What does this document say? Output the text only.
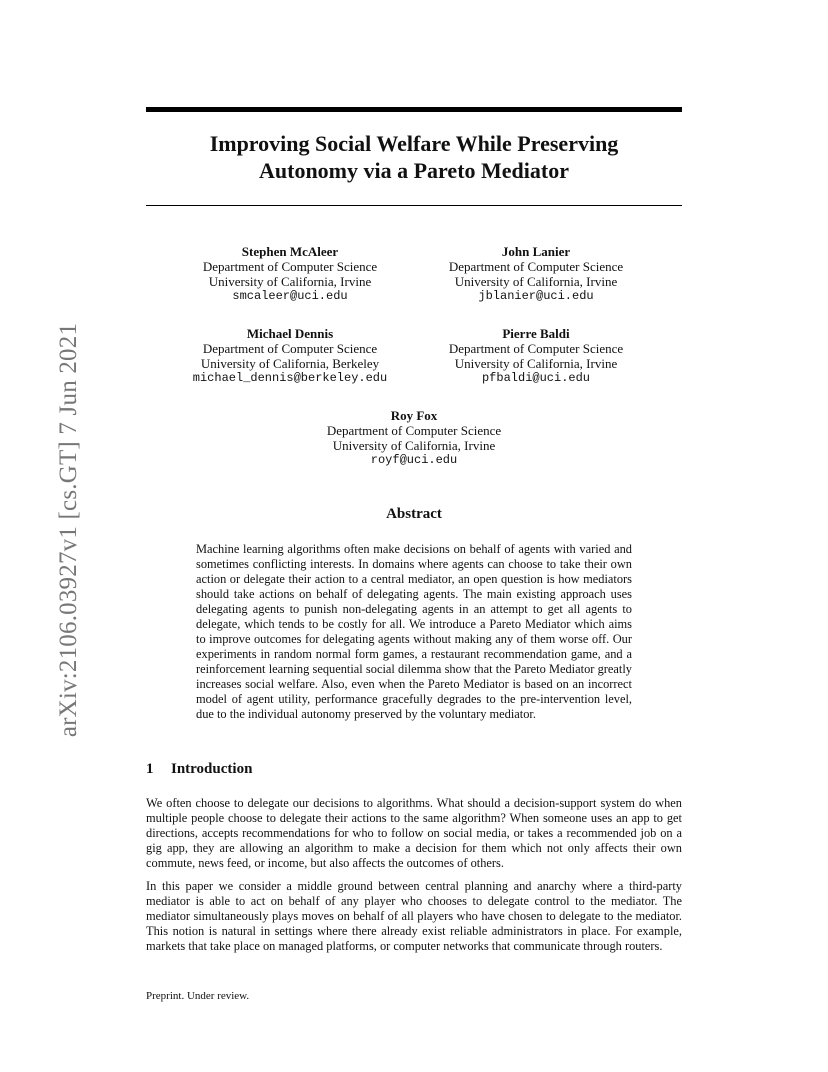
arXiv:2106.03927v1 [cs.GT] 7 Jun 2021
Improving Social Welfare While Preserving
Autonomy via a Pareto Mediator
Stephen McAleer
Department of Computer Science
University of California, Irvine
smcaleer@uci.edu
John Lanier
Department of Computer Science
University of California, Irvine
jblanier@uci.edu
Michael Dennis
Department of Computer Science
University of California, Berkeley
michael_dennis@berkeley.edu
Pierre Baldi
Department of Computer Science
University of California, Irvine
pfbaldi@uci.edu
Roy Fox
Department of Computer Science
University of California, Irvine
royf@uci.edu
Abstract

Machine learning algorithms often make decisions on behalf of agents with varied and sometimes conflicting interests. In domains where agents can choose to take their own action or delegate their action to a central mediator, an open question is how mediators should take actions on behalf of delegating agents. The main existing approach uses delegating agents to punish non-delegating agents in an attempt to get all agents to delegate, which tends to be costly for all. We introduce a Pareto Mediator which aims to improve outcomes for delegating agents without making any of them worse off. Our experiments in random normal form games, a restaurant recommendation game, and a reinforcement learning sequential social dilemma show that the Pareto Mediator greatly increases social welfare. Also, even when the Pareto Mediator is based on an incorrect model of agent utility, performance gracefully degrades to the pre-intervention level, due to the individual autonomy preserved by the voluntary mediator.

1 Introduction

We often choose to delegate our decisions to algorithms. What should a decision-support system do when multiple people choose to delegate their actions to the same algorithm? When someone uses an app to get directions, accepts recommendations for who to follow on social media, or takes a recommended job on a gig app, they are allowing an algorithm to make a decision for them which not only affects their own commute, news feed, or income, but also affects the outcomes of others.

In this paper we consider a middle ground between central planning and anarchy where a third-party mediator is able to act on behalf of any player who chooses to delegate control to the mediator. The mediator simultaneously plays moves on behalf of all players who have chosen to delegate to the mediator. This notion is natural in settings where there already exist reliable administrators in place. For example, markets that take place on managed platforms, or computer networks that communicate through routers.

Preprint. Under review.
